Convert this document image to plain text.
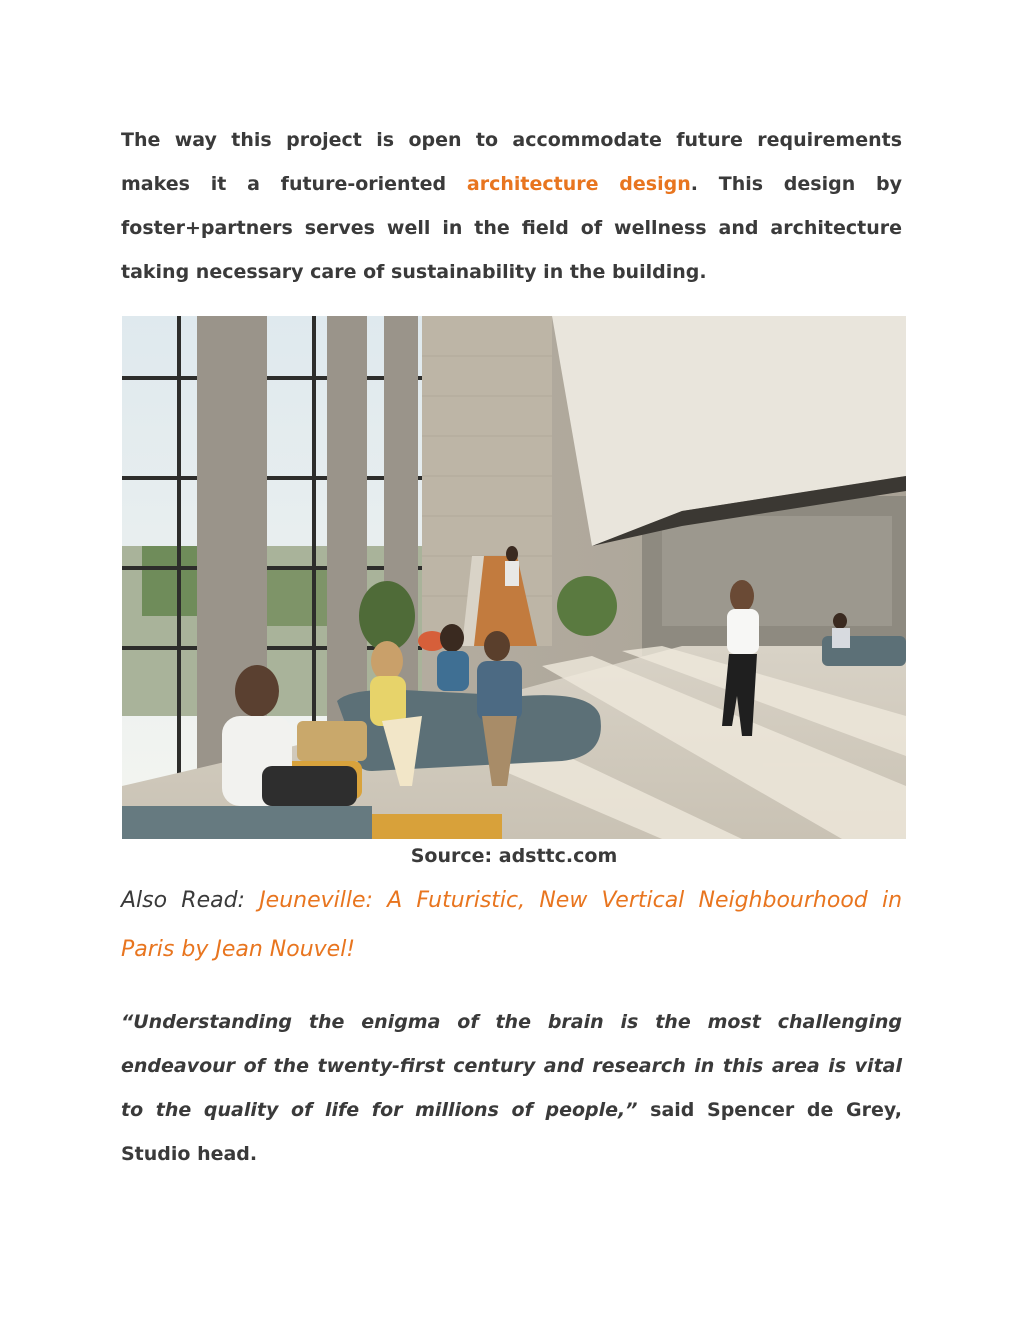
The way this project is open to accommodate future requirements makes it a future-oriented architecture design. This design by foster+partners serves well in the field of wellness and architecture taking necessary care of sustainability in the building.

Source: adsttc.com

Also Read: Jeuneville: A Futuristic, New Vertical Neighbourhood in Paris by Jean Nouvel!

“Understanding the enigma of the brain is the most challenging endeavour of the twenty-first century and research in this area is vital to the quality of life for millions of people,” said Spencer de Grey, Studio head.
